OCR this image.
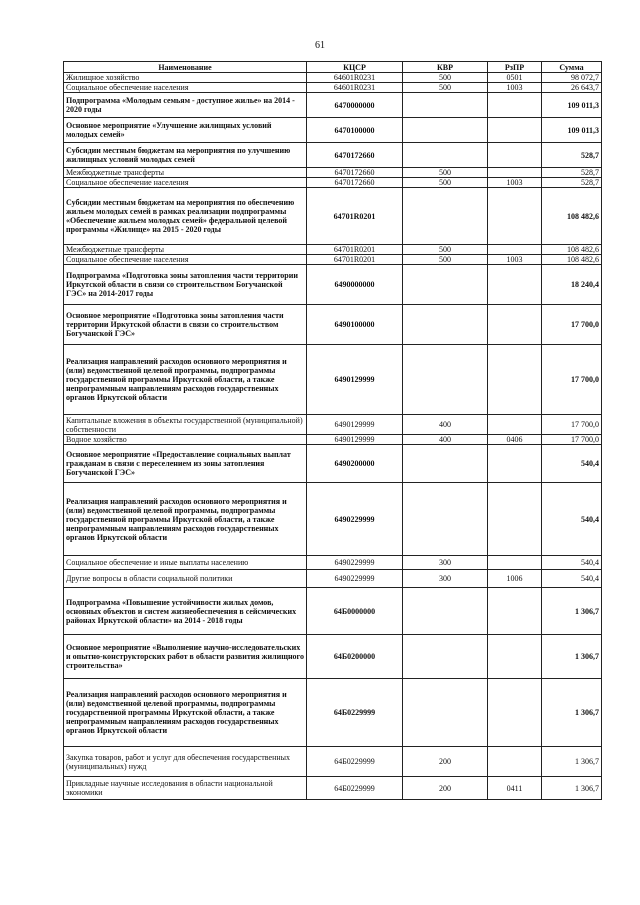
61
Наименование	КЦСР	КВР	РзПР	Сумма
Жилищное хозяйство	64601R0231	500	0501	98 072,7
Социальное обеспечение населения	64601R0231	500	1003	26 643,7
Подпрограмма «Молодым семьям - доступное жилье» на 2014 - 2020 годы	6470000000			109 011,3
Основное мероприятие «Улучшение жилищных условий молодых семей»	6470100000			109 011,3
Субсидии местным бюджетам на мероприятия по улучшению жилищных условий молодых семей	6470172660			528,7
Межбюджетные трансферты	6470172660	500		528,7
Социальное обеспечение населения	6470172660	500	1003	528,7
Субсидии местным бюджетам на мероприятия по обеспечению жильем молодых семей в рамках реализации подпрограммы «Обеспечение жильем молодых семей» федеральной целевой программы «Жилище» на 2015 - 2020 годы	64701R0201			108 482,6
Межбюджетные трансферты	64701R0201	500		108 482,6
Социальное обеспечение населения	64701R0201	500	1003	108 482,6
Подпрограмма «Подготовка зоны затопления части территории Иркутской области в связи со строительством Богучанской ГЭС» на 2014-2017 годы	6490000000			18 240,4
Основное мероприятие «Подготовка зоны затопления части территории Иркутской области в связи со строительством Богучанской ГЭС»	6490100000			17 700,0
Реализация направлений расходов основного мероприятия и (или) ведомственной целевой программы, подпрограммы государственной программы Иркутской области, а также непрограммным направлениям расходов государственных органов Иркутской области	6490129999			17 700,0
Капитальные вложения в объекты государственной (муниципальной) собственности	6490129999	400		17 700,0
Водное хозяйство	6490129999	400	0406	17 700,0
Основное мероприятие «Предоставление социальных выплат гражданам в связи с переселением из зоны затопления Богучанской ГЭС»	6490200000			540,4
Реализация направлений расходов основного мероприятия и (или) ведомственной целевой программы, подпрограммы государственной программы Иркутской области, а также непрограммным направлениям расходов государственных органов Иркутской области	6490229999			540,4
Социальное обеспечение и иные выплаты населению	6490229999	300		540,4
Другие вопросы в области социальной политики	6490229999	300	1006	540,4
Подпрограмма «Повышение устойчивости жилых домов, основных объектов и систем жизнеобеспечения в сейсмических районах Иркутской области» на 2014 - 2018 годы	64Б0000000			1 306,7
Основное мероприятие «Выполнение научно-исследовательских и опытно-конструкторских работ в области развития жилищного строительства»	64Б0200000			1 306,7
Реализация направлений расходов основного мероприятия и (или) ведомственной целевой программы, подпрограммы государственной программы Иркутской области, а также непрограммным направлениям расходов государственных органов Иркутской области	64Б0229999			1 306,7
Закупка товаров, работ и услуг для обеспечения государственных (муниципальных) нужд	64Б0229999	200		1 306,7
Прикладные научные исследования в области национальной экономики	64Б0229999	200	0411	1 306,7
